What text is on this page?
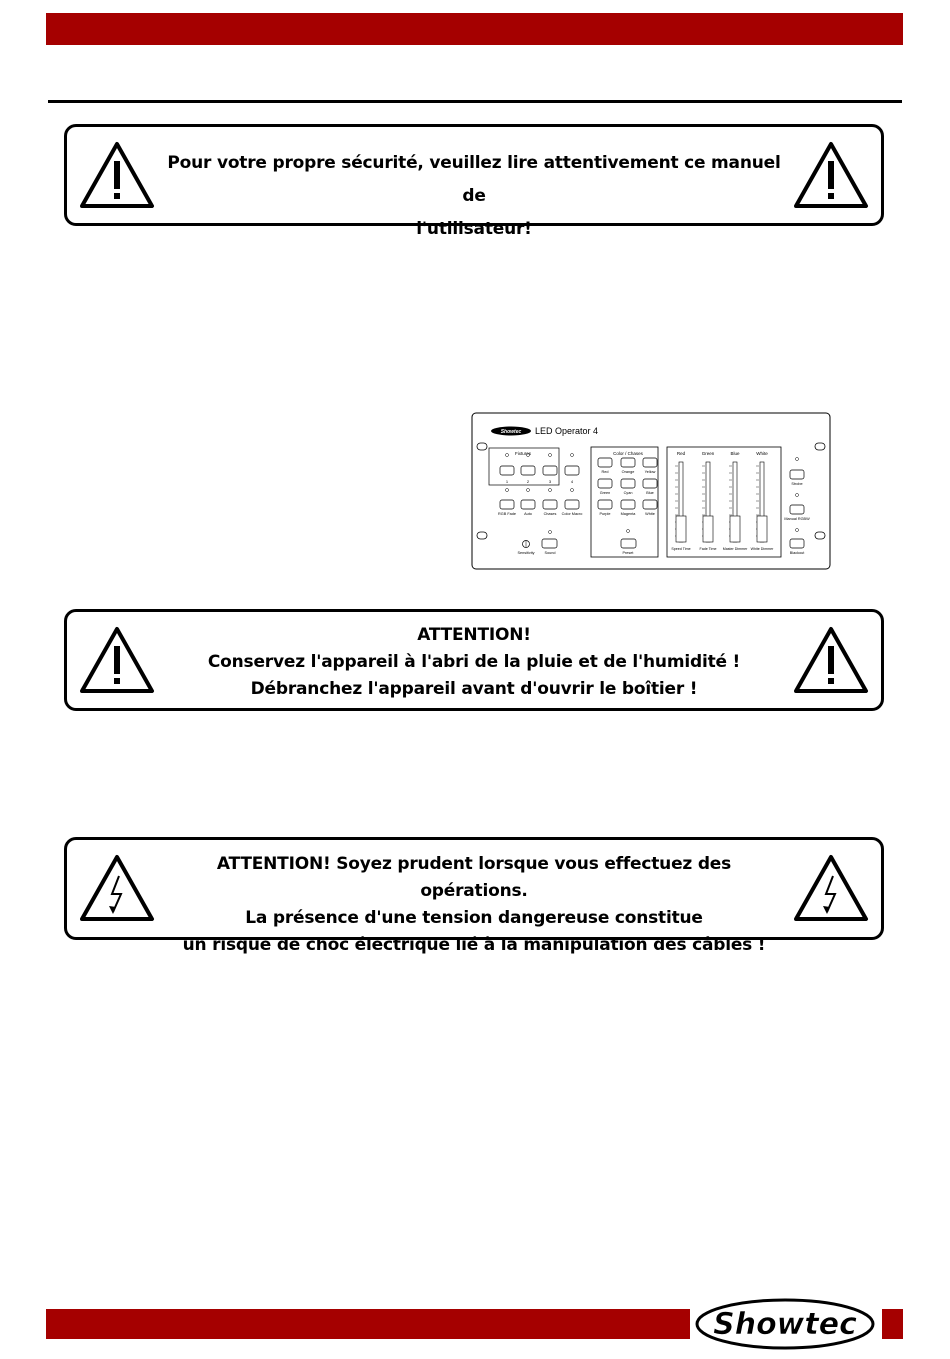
Pour votre propre sécurité, veuillez lire attentivement ce manuel de
l'utilisateur!
Showtec LED Operator 4
Fixtures
1	2	3	4
RGB Fade Auto	Chases Color Macro
Sensitivity	Sound
Color / Chases
Red	Orange	Yellow
Green	Cyan	Blue
Purple	Magenta	White
Preset
Red
Speed Time
Green
Fade Time
Blue
Master Dimmer
White
White Dimmer
Strobe
Manual RGBW
Blackout
ATTENTION!
Conservez l'appareil à l'abri de la pluie et de l'humidité !
Débranchez l'appareil avant d'ouvrir le boîtier !
ATTENTION! Soyez prudent lorsque vous effectuez des opérations.
La présence d'une tension dangereuse constitue
un risque de choc électrique lié à la manipulation des câbles !
Showtec
